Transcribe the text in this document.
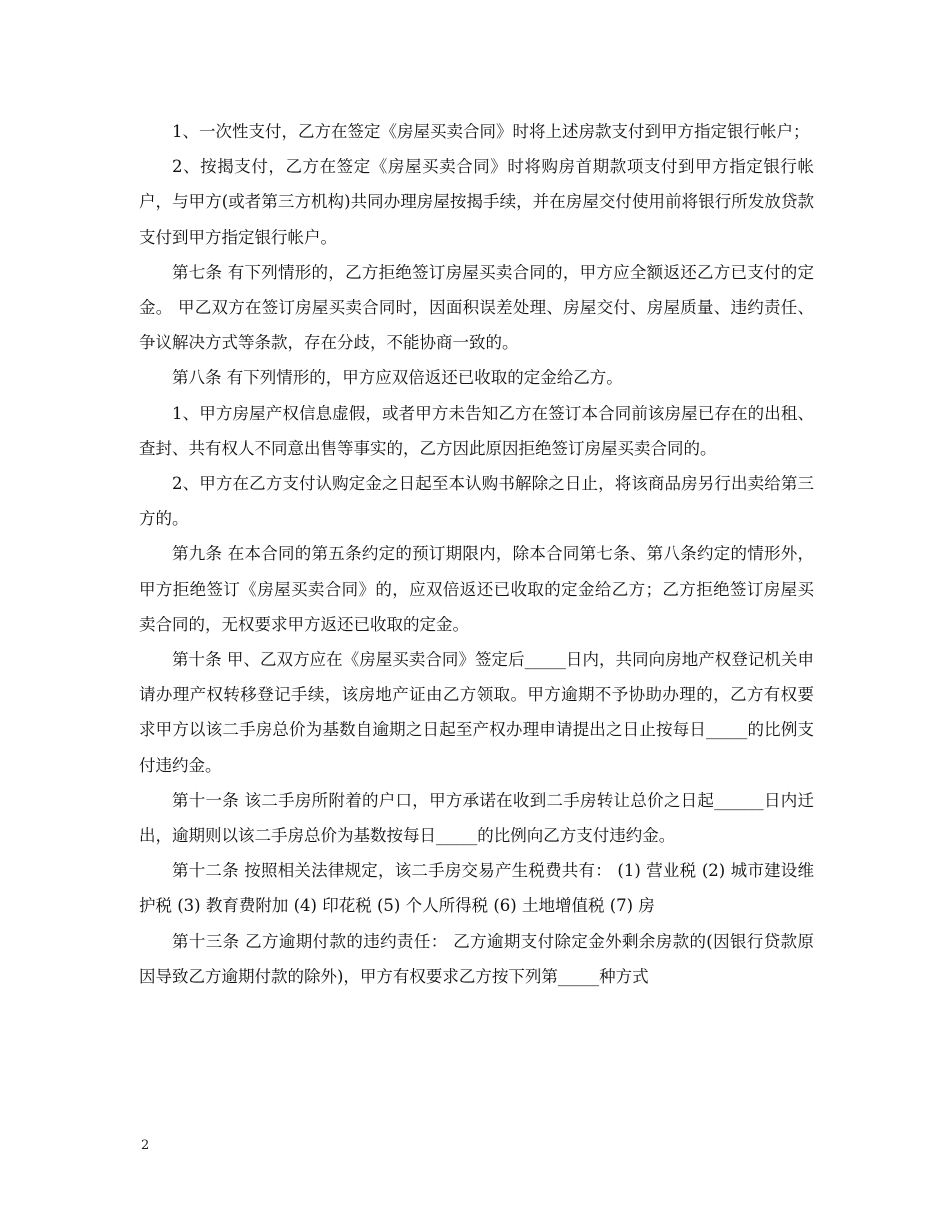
1、一次性支付，乙方在签定《房屋买卖合同》时将上述房款支付到甲方指定银行帐户；

2、按揭支付，乙方在签定《房屋买卖合同》时将购房首期款项支付到甲方指定银行帐户，与甲方(或者第三方机构)共同办理房屋按揭手续，并在房屋交付使用前将银行所发放贷款支付到甲方指定银行帐户。

第七条 有下列情形的，乙方拒绝签订房屋买卖合同的，甲方应全额返还乙方已支付的定金。 甲乙双方在签订房屋买卖合同时，因面积误差处理、房屋交付、房屋质量、违约责任、争议解决方式等条款，存在分歧，不能协商一致的。

第八条 有下列情形的，甲方应双倍返还已收取的定金给乙方。

1、甲方房屋产权信息虚假，或者甲方未告知乙方在签订本合同前该房屋已存在的出租、查封、共有权人不同意出售等事实的，乙方因此原因拒绝签订房屋买卖合同的。

2、甲方在乙方支付认购定金之日起至本认购书解除之日止，将该商品房另行出卖给第三方的。

第九条 在本合同的第五条约定的预订期限内，除本合同第七条、第八条约定的情形外，甲方拒绝签订《房屋买卖合同》的，应双倍返还已收取的定金给乙方；乙方拒绝签订房屋买卖合同的，无权要求甲方返还已收取的定金。

第十条 甲、乙双方应在《房屋买卖合同》签定后_____日内，共同向房地产权登记机关申请办理产权转移登记手续，该房地产证由乙方领取。甲方逾期不予协助办理的，乙方有权要求甲方以该二手房总价为基数自逾期之日起至产权办理申请提出之日止按每日_____的比例支付违约金。

第十一条 该二手房所附着的户口，甲方承诺在收到二手房转让总价之日起______日内迁出，逾期则以该二手房总价为基数按每日_____的比例向乙方支付违约金。

第十二条 按照相关法律规定，该二手房交易产生税费共有： (1) 营业税 (2) 城市建设维护税 (3) 教育费附加 (4) 印花税 (5) 个人所得税 (6) 土地增值税 (7) 房

第十三条 乙方逾期付款的违约责任： 乙方逾期支付除定金外剩余房款的(因银行贷款原因导致乙方逾期付款的除外)，甲方有权要求乙方按下列第_____种方式

2
